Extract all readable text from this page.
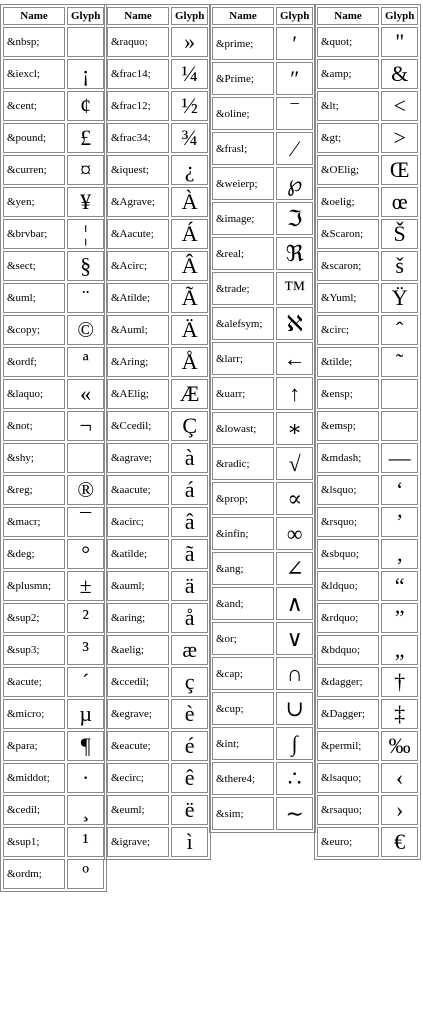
Name	Glyph
&nbsp;	
&iexcl;	¡
&cent;	¢
&pound;	£
&curren;	¤
&yen;	¥
&brvbar;	¦
&sect;	§
&uml;	¨
&copy;	©
&ordf;	ª
&laquo;	«
&not;	¬
&shy;	
&reg;	®
&macr;	¯
&deg;	°
&plusmn;	±
&sup2;	²
&sup3;	³
&acute;	´
&micro;	µ
&para;	¶
&middot;	·
&cedil;	¸
&sup1;	¹
&ordm;	º
Name	Glyph
&raquo;	»
&frac14;	¼
&frac12;	½
&frac34;	¾
&iquest;	¿
&Agrave;	À
&Aacute;	Á
&Acirc;	Â
&Atilde;	Ã
&Auml;	Ä
&Aring;	Å
&AElig;	Æ
&Ccedil;	Ç
&agrave;	à
&aacute;	á
&acirc;	â
&atilde;	ã
&auml;	ä
&aring;	å
&aelig;	æ
&ccedil;	ç
&egrave;	è
&eacute;	é
&ecirc;	ê
&euml;	ë
&igrave;	ì
Name	Glyph
&prime;	′
&Prime;	″
&oline;	‾
&frasl;	⁄
&weierp;	℘
&image;	ℑ
&real;	ℜ
&trade;	™
&alefsym;	ℵ
&larr;	←
&uarr;	↑
&lowast;	∗
&radic;	√
&prop;	∝
&infin;	∞
&ang;	∠
&and;	∧
&or;	∨
&cap;	∩
&cup;	∪
&int;	∫
&there4;	∴
&sim;	∼
Name	Glyph
&quot;	"
&amp;	&
&lt;	<
&gt;	>
&OElig;	Œ
&oelig;	œ
&Scaron;	Š
&scaron;	š
&Yuml;	Ÿ
&circ;	ˆ
&tilde;	˜
&ensp;	
&emsp;	
&mdash;	—
&lsquo;	‘
&rsquo;	’
&sbquo;	‚
&ldquo;	“
&rdquo;	”
&bdquo;	„
&dagger;	†
&Dagger;	‡
&permil;	‰
&lsaquo;	‹
&rsaquo;	›
&euro;	€
